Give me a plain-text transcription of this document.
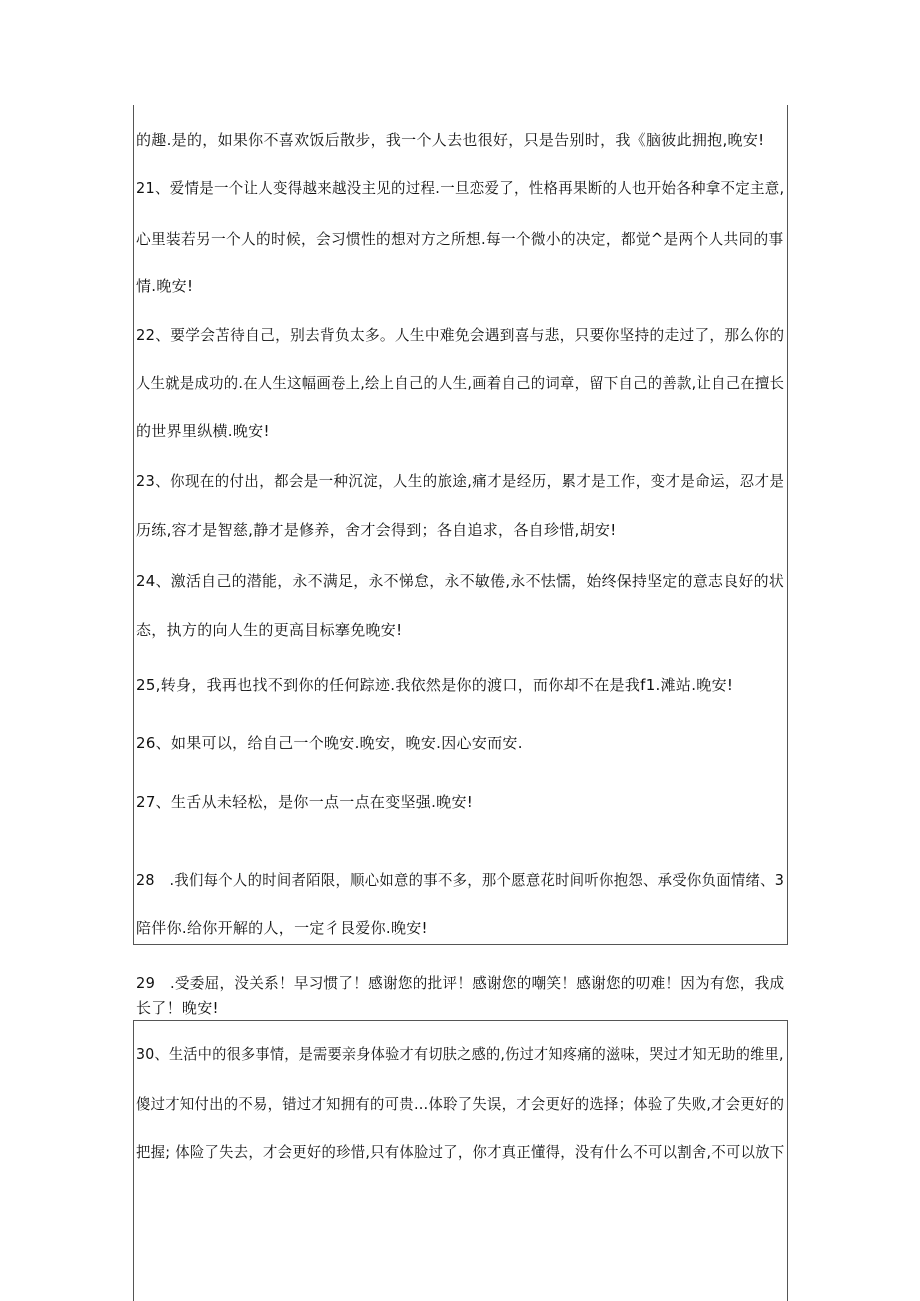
的趣.是的，如果你不喜欢饭后散步，我一个人去也很好，只是告别时，我《脑彼此拥抱,晚安!
21、爱情是一个让人变得越来越没主见的过程.一旦恋爱了，性格再果断的人也开始各种拿不定主意,
心里装若另一个人的时候，会习惯性的想对方之所想.每一个微小的决定，都觉^是两个人共同的事
情.晚安!
22、要学会苫待自己，别去背负太多。人生中难免会遇到喜与悲，只要你坚持的走过了，那么你的
人生就是成功的.在人生这幅画卷上,绘上自己的人生,画着自己的词章，留下自己的善款,让自己在擅长
的世界里纵横.晚安!
23、你现在的付出，都会是一种沉淀，人生的旅途,痛才是经历，累才是工作，变才是命运，忍才是
历练,容才是智慈,静才是修养，舍才会得到；各自追求，各自珍惜,胡安!
24、激活自己的潜能，永不满足，永不悌怠，永不敏倦,永不怯懦，始终保持坚定的意志良好的状
态，执方的向人生的更高目标搴免晚安!
25,转身，我再也找不到你的任何踪迹.我依然是你的渡口，而你却不在是我f1.滩站.晚安!
26、如果可以，给自己一个晚安.晚安，晚安.因心安而安.
27、生舌从未轻松，是你一点一点在变坚强.晚安!
28　.我们每个人的时间者陌限，顺心如意的事不多，那个愿意花时间听你抱怨、承受你负面情绪、3
陪伴你.给你开解的人，一定彳艮爱你.晚安!
29　.受委屈，没关系！早习惯了！感谢您的批评！感谢您的嘲笑！感谢您的叨难！因为有您，我成
长了！晚安!
30、生活中的很多事情，是需要亲身体验才有切肤之感的,伤过才知疼痛的滋味，哭过才知无助的维里,
傻过才知付出的不易，错过才知拥有的可贵…体聆了失误，才会更好的选择；体验了失败,才会更好的
把握; 体险了失去，才会更好的珍惜,只有体脸过了，你才真正懂得，没有什么不可以割舍,不可以放下
